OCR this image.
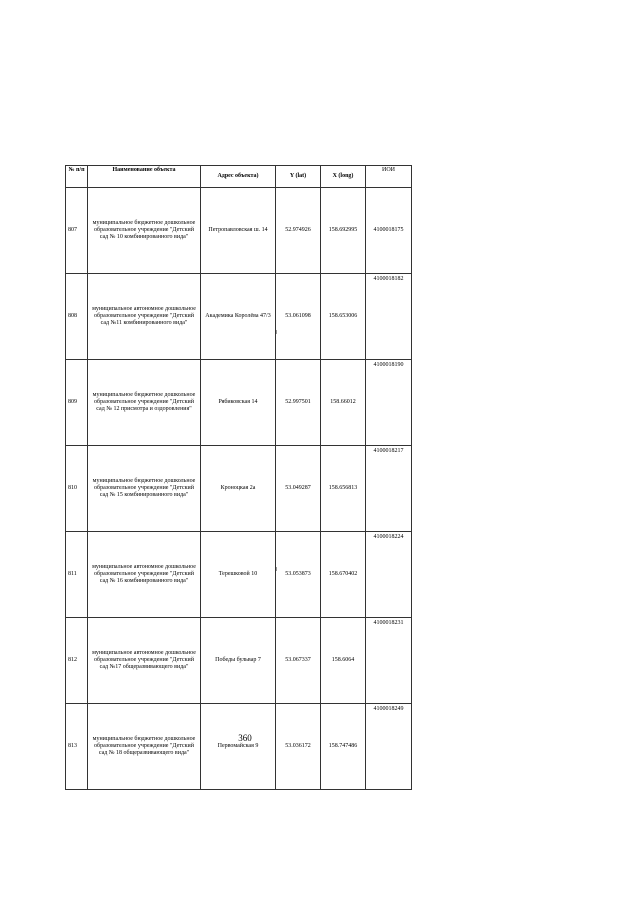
№ п/п	Наименование объекта	Адрес объекта)	Y (lat)	X (long)	ИОИ
807	муниципальное бюджетное дошкольное образовательное учреждение "Детский сад № 10 комбинированного вида"	Петропавловская ш. 14	52.974926	158.692995	4100018175
808	муниципальное автономное дошкольное образовательное учреждение "Детский сад №11 комбинированного вида"	Академика Королёва 47/3	53.061098	158.653006	4100018182
809	муниципальное бюджетное дошкольное образовательное учреждение "Детский сад № 12 присмотра и оздоровления"	Рябиковская 14	52.997501	158.66012	4100018190
810	муниципальное бюджетное дошкольное образовательное учреждение "Детский сад № 15 комбинированного вида"	Кроноцкая 2а	53.049287	158.656813	4100018217
811	муниципальное автономное дошкольное образовательное учреждение "Детский сад № 16 комбинированного вида"	Терешковой 10	53.053873	158.670402	4100018224
812	муниципальное автономное дошкольное образовательное учреждение "Детский сад №17 общеразвивающего вида"	Победы бульвар 7	53.067337	158.6064	4100018231
813	муниципальное бюджетное дошкольное образовательное учреждение "Детский сад № 18 общеразвивающего вида"	Первомайская 9	53.036172	158.747486	4100018249
360
